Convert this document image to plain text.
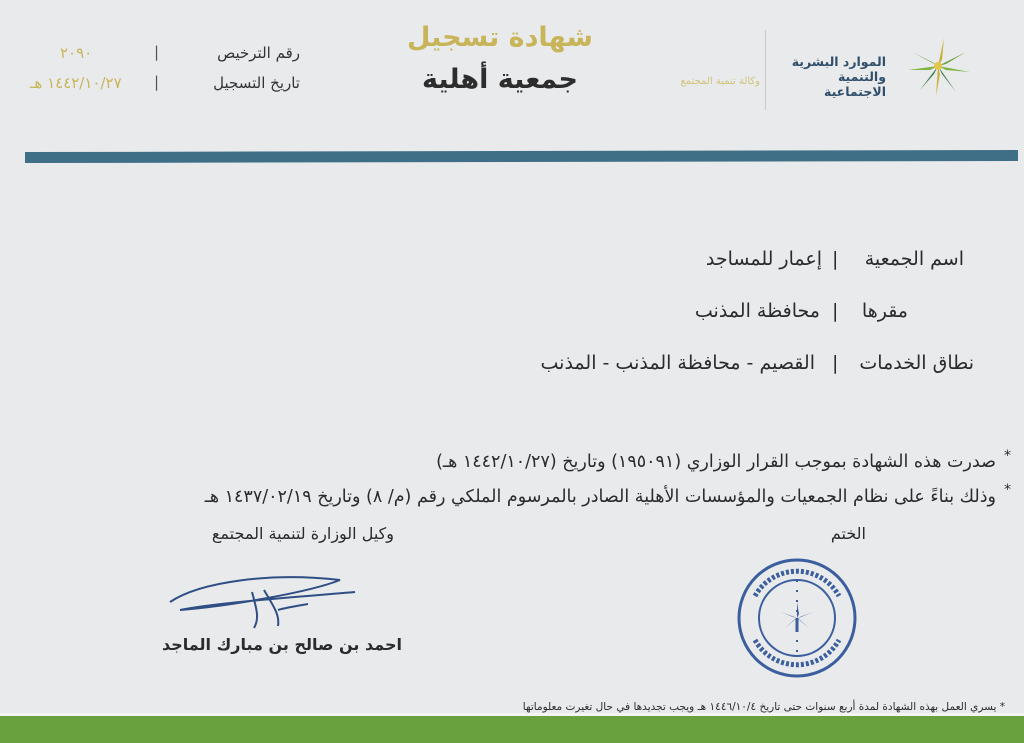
الموارد البشرية
والتنمية الاجتماعية
وكالة تنمية المجتمع
شهادة تسجيل
جمعية أهلية
رقم الترخيص
|
٢٠٩٠
تاريخ التسجيل
|
١٤٤٢/١٠/٢٧ هـ
اسم الجمعية
|
إعمار للمساجد
مقرها
|
محافظة المذنب
نطاق الخدمات
|
القصيم - محافظة المذنب - المذنب
*
صدرت هذه الشهادة بموجب القرار الوزاري (١٩٥٠٩١) وتاريخ (١٤٤٢/١٠/٢٧ هـ)
*
وذلك بناءً على نظام الجمعيات والمؤسسات الأهلية الصادر بالمرسوم الملكي رقم (م/ ٨) وتاريخ ١٤٣٧/٠٢/١٩ هـ
وكيل الوزارة لتنمية المجتمع	الختم
احمد بن صالح بن مبارك الماجد
* يسري العمل بهذه الشهادة لمدة أربع سنوات حتى تاريخ ١٤٤٦/١٠/٤ هـ ويجب تجديدها في حال تغيرت معلوماتها
